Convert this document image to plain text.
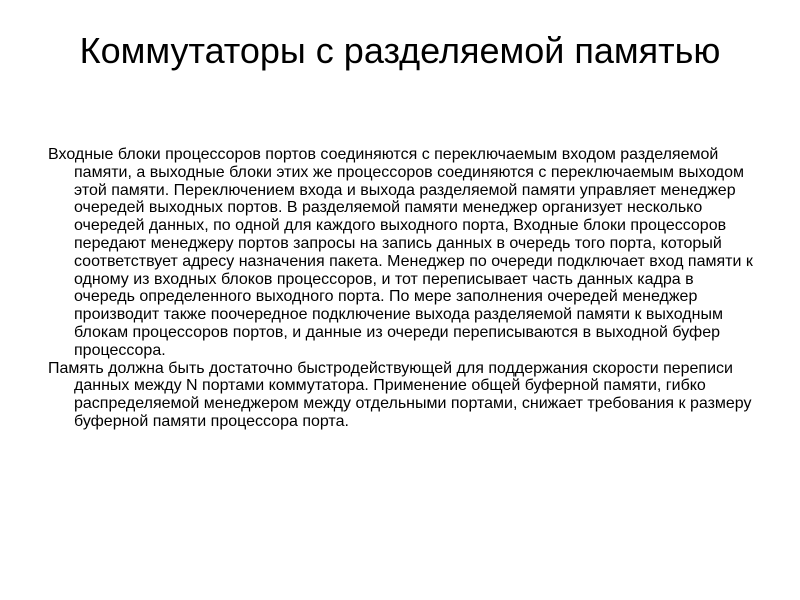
Коммутаторы с разделяемой памятью

Входные блоки процессоров портов соединяются с переключаемым входом разделяемой памяти, а выходные блоки этих же процессоров соединяются с переключаемым выходом этой памяти. Переключением входа и выхода разделяемой памяти управляет менеджер очередей выходных портов. В разделяемой памяти менеджер организует несколько очередей данных, по одной для каждого выходного порта, Входные блоки процессоров передают менеджеру портов запросы на запись данных в очередь того порта, который соответствует адресу назначения пакета. Менеджер по очереди подключает вход памяти к одному из входных блоков процессоров, и тот переписывает часть данных кадра в очередь определенного выходного порта. По мере заполнения очередей менеджер производит также поочередное подключение выхода разделяемой памяти к выходным блокам процессоров портов, и данные из очереди переписываются в выходной буфер процессора.

Память должна быть достаточно быстродействующей для поддержания скорости переписи данных между N портами коммутатора. Применение общей буферной памяти, гибко распределяемой менеджером между отдельными портами, снижает требования к размеру буферной памяти процессора порта.
